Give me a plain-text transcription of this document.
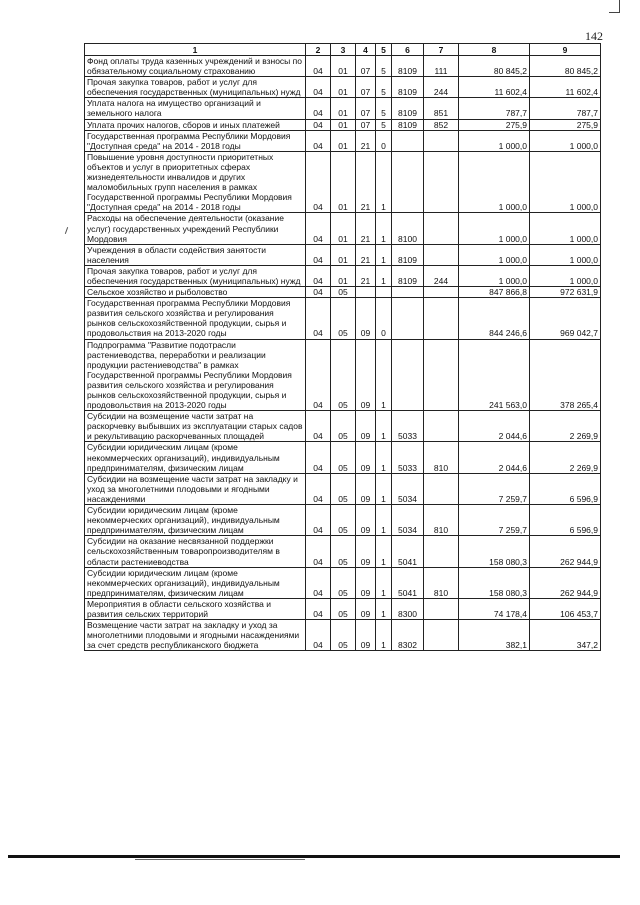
142
1	2	3	4	5	6	7	8	9
Фонд оплаты труда казенных учреждений и взносы по обязательному социальному страхованию	04	01	07	5	8109	111	80 845,2	80 845,2
Прочая закупка товаров, работ и услуг для обеспечения государственных (муниципальных) нужд	04	01	07	5	8109	244	11 602,4	11 602,4
Уплата налога на имущество организаций и земельного налога	04	01	07	5	8109	851	787,7	787,7
Уплата прочих налогов, сборов и иных платежей	04	01	07	5	8109	852	275,9	275,9
Государственная программа Республики Мордовия "Доступная среда" на 2014 - 2018 годы	04	01	21	0			1 000,0	1 000,0
Повышение уровня доступности приоритетных объектов и услуг в приоритетных сферах жизнедеятельности инвалидов и других маломобильных групп населения в рамках Государственной программы Республики Мордовия "Доступная среда" на 2014 - 2018 годы	04	01	21	1			1 000,0	1 000,0
Расходы на обеспечение деятельности (оказание услуг) государственных учреждений Республики Мордовия	04	01	21	1	8100		1 000,0	1 000,0
Учреждения в области содействия занятости населения	04	01	21	1	8109		1 000,0	1 000,0
Прочая закупка товаров, работ и услуг для обеспечения государственных (муниципальных) нужд	04	01	21	1	8109	244	1 000,0	1 000,0
Сельское хозяйство и рыболовство	04	05					847 866,8	972 631,9
Государственная программа Республики Мордовия развития сельского хозяйства и регулирования рынков сельскохозяйственной продукции, сырья и продовольствия на 2013-2020 годы	04	05	09	0			844 246,6	969 042,7
Подпрограмма "Развитие подотрасли растениеводства, переработки и реализации продукции растениеводства" в рамках Государственной программы Республики Мордовия развития сельского хозяйства и регулирования рынков сельскохозяйственной продукции, сырья и продовольствия на 2013-2020 годы	04	05	09	1			241 563,0	378 265,4
Субсидии на возмещение части затрат на раскорчевку выбывших из эксплуатации старых садов и рекультивацию раскорчеванных площадей	04	05	09	1	5033		2 044,6	2 269,9
Субсидии юридическим лицам (кроме некоммерческих организаций), индивидуальным предпринимателям, физическим лицам	04	05	09	1	5033	810	2 044,6	2 269,9
Субсидии на возмещение части затрат на закладку и уход за многолетними плодовыми и ягодными насаждениями	04	05	09	1	5034		7 259,7	6 596,9
Субсидии юридическим лицам (кроме некоммерческих организаций), индивидуальным предпринимателям, физическим лицам	04	05	09	1	5034	810	7 259,7	6 596,9
Субсидии на оказание несвязанной поддержки сельскохозяйственным товаропроизводителям в области растениеводства	04	05	09	1	5041		158 080,3	262 944,9
Субсидии юридическим лицам (кроме некоммерческих организаций), индивидуальным предпринимателям, физическим лицам	04	05	09	1	5041	810	158 080,3	262 944,9
Мероприятия в области сельского хозяйства и развития сельских территорий	04	05	09	1	8300		74 178,4	106 453,7
Возмещение части затрат на закладку и уход за многолетними плодовыми и ягодными насаждениями за счет средств республиканского бюджета	04	05	09	1	8302		382,1	347,2
